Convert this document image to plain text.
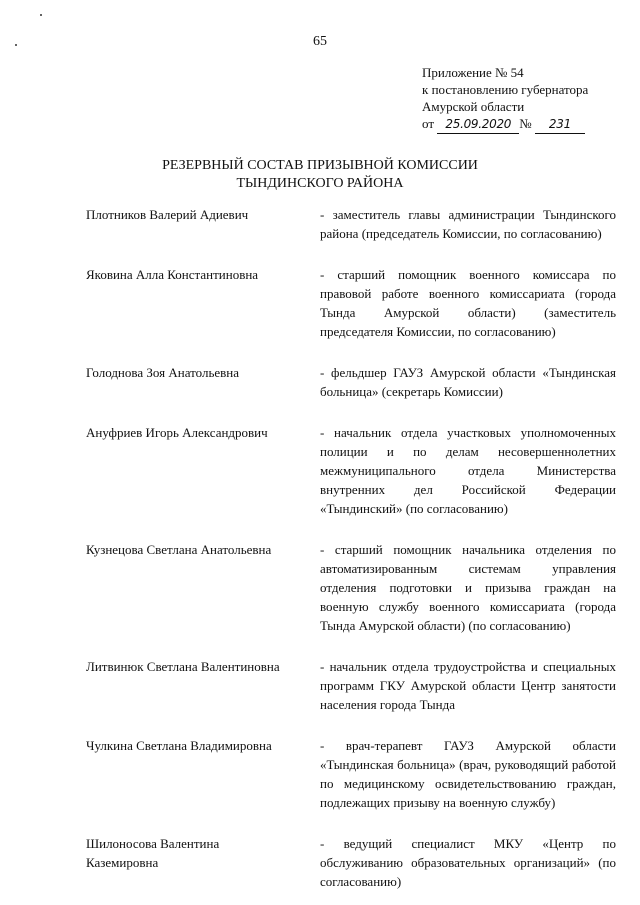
65
Приложение № 54
к постановлению губернатора
Амурской области
от 25.09.2020 № 231
РЕЗЕРВНЫЙ СОСТАВ ПРИЗЫВНОЙ КОМИССИИ
ТЫНДИНСКОГО РАЙОНА
Плотников Валерий Адиевич	- заместитель главы администрации Тындинского района (председатель Комиссии, по согласованию)
Яковина Алла Константиновна	- старший помощник военного комиссара по правовой работе военного комиссариата (города Тында Амурской области) (заместитель председателя Комиссии, по согласованию)
Голоднова Зоя Анатольевна	- фельдшер ГАУЗ Амурской области «Тындинская больница» (секретарь Комиссии)
Ануфриев Игорь Александрович	- начальник отдела участковых уполномоченных полиции и по делам несовершеннолетних межмуниципального отдела Министерства внутренних дел Российской Федерации «Тындинский» (по согласованию)
Кузнецова Светлана Анатольевна	- старший помощник начальника отделения по автоматизированным системам управления отделения подготовки и призыва граждан на военную службу военного комиссариата (города Тында Амурской области) (по согласованию)
Литвинюк Светлана Валентиновна	- начальник отдела трудоустройства и специальных программ ГКУ Амурской области Центр занятости населения города Тында
Чулкина Светлана Владимировна	- врач-терапевт ГАУЗ Амурской области «Тындинская больница» (врач, руководящий работой по медицинскому освидетельствованию граждан, подлежащих призыву на военную службу)
Шилоносова Валентина Каземировна
- ведущий специалист МКУ «Центр по обслуживанию образовательных организаций» (по согласованию)
